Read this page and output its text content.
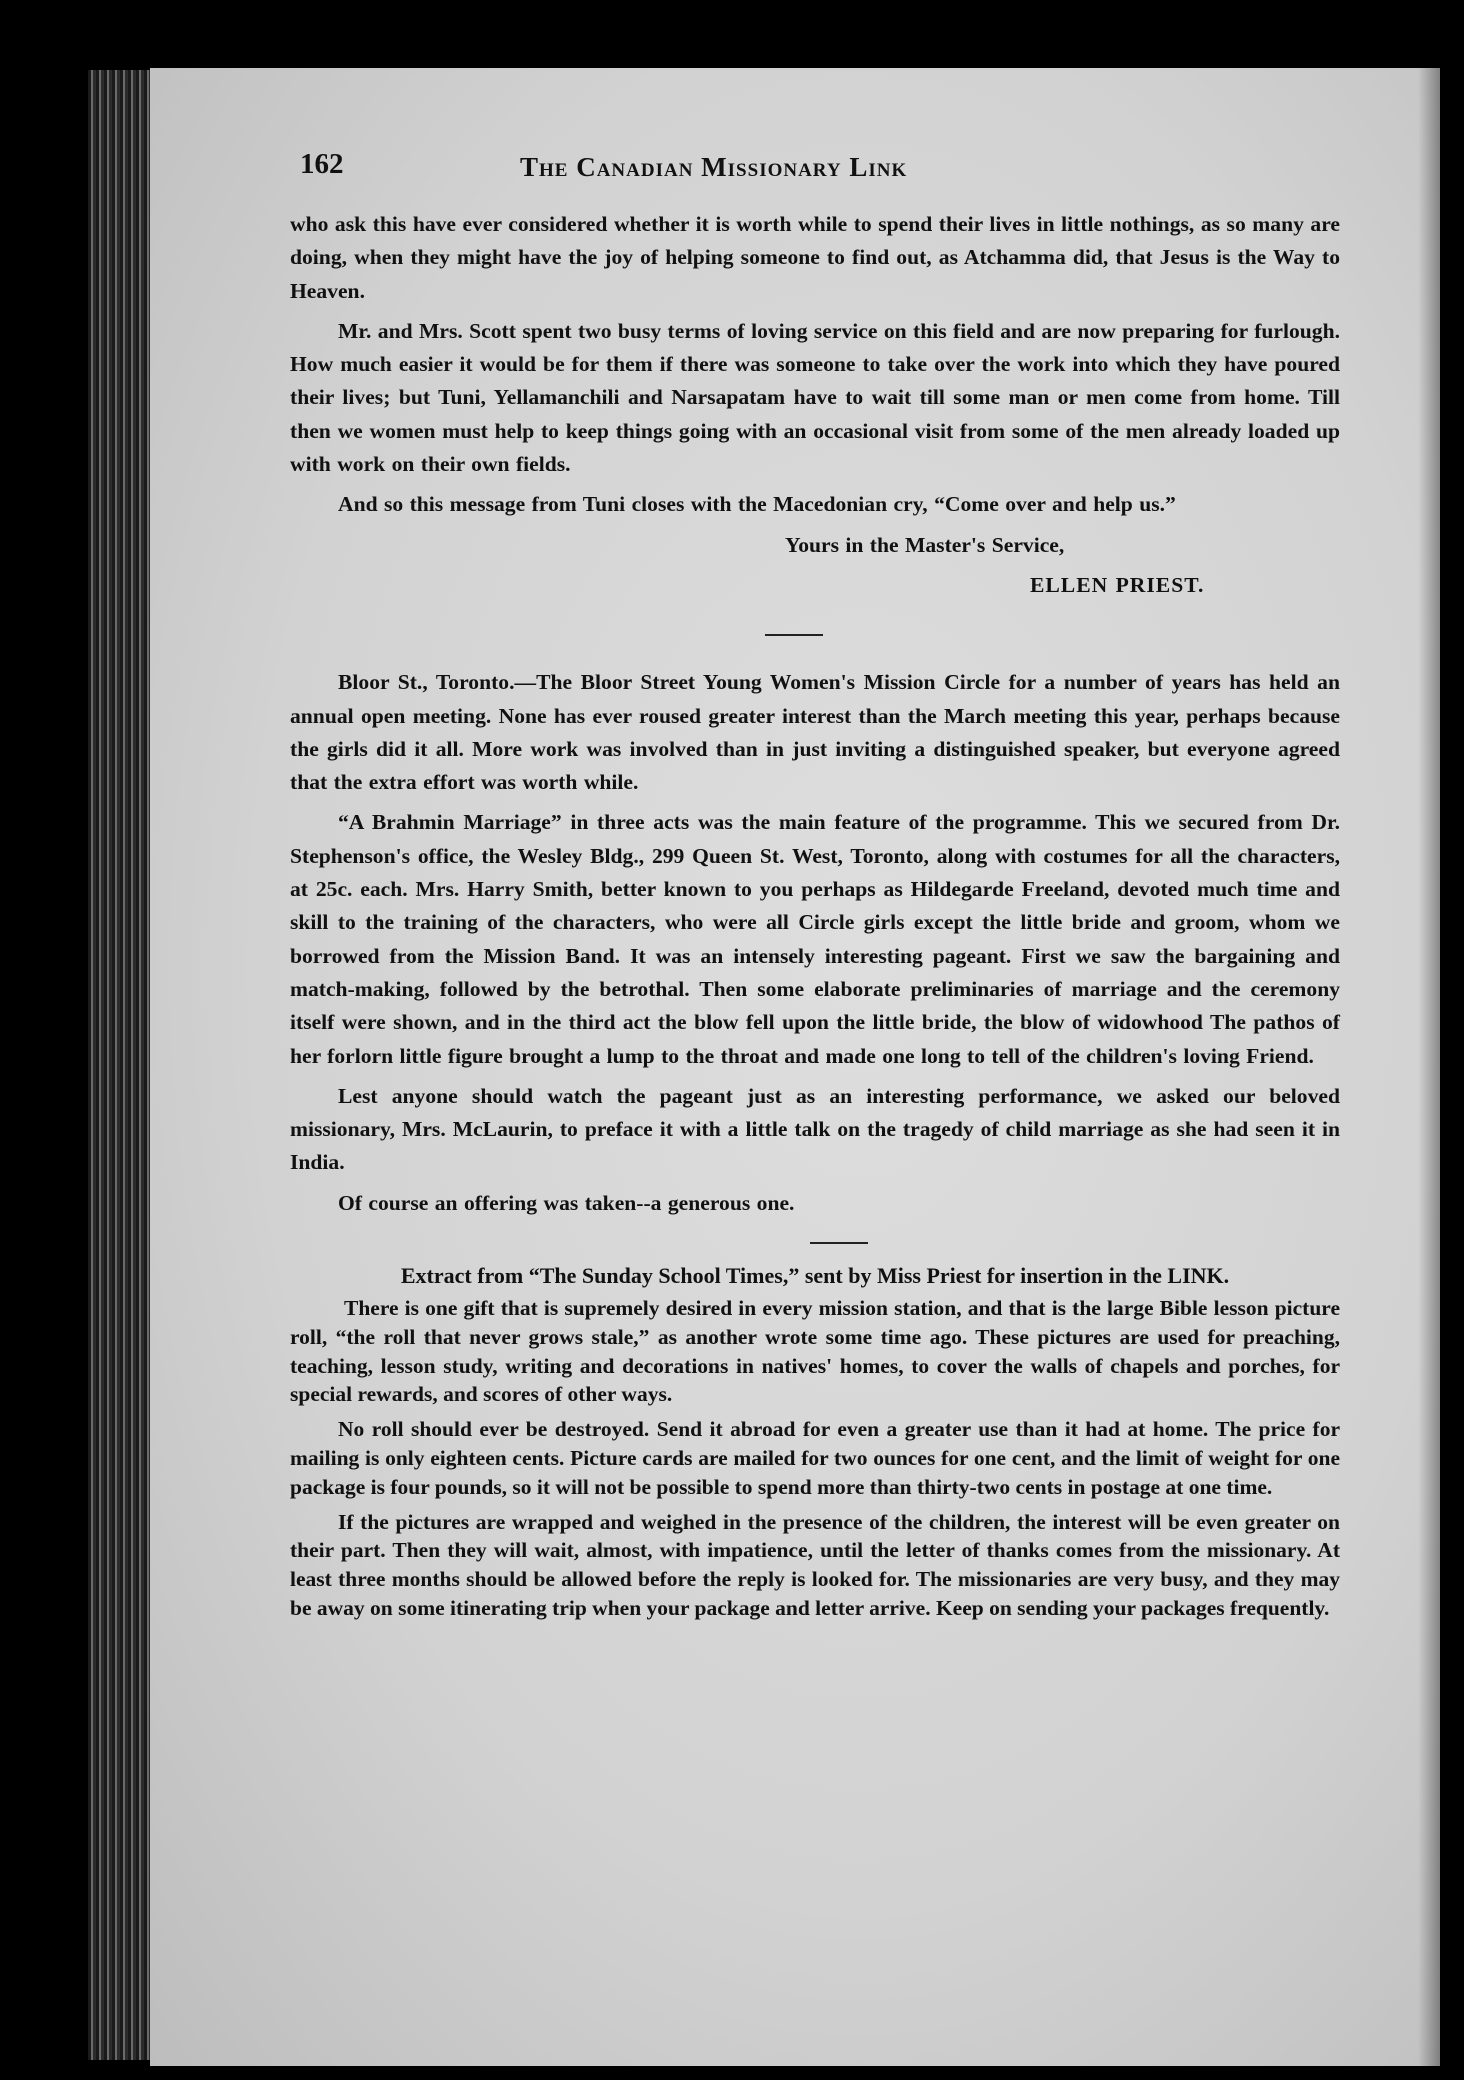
162	The Canadian Missionary Link

who ask this have ever considered whether it is worth while to spend their lives in little nothings, as so many are doing, when they might have the joy of helping someone to find out, as Atchamma did, that Jesus is the Way to Heaven.

Mr. and Mrs. Scott spent two busy terms of loving service on this field and are now preparing for furlough. How much easier it would be for them if there was someone to take over the work into which they have poured their lives; but Tuni, Yellamanchili and Narsapatam have to wait till some man or men come from home. Till then we women must help to keep things going with an occasional visit from some of the men already loaded up with work on their own fields.

And so this message from Tuni closes with the Macedonian cry, “Come over and help us.”

Yours in the Master's Service,

ELLEN PRIEST.

Bloor St., Toronto.—The Bloor Street Young Women's Mission Circle for a number of years has held an annual open meeting. None has ever roused greater interest than the March meeting this year, perhaps because the girls did it all. More work was involved than in just inviting a distinguished speaker, but everyone agreed that the extra effort was worth while.

“A Brahmin Marriage” in three acts was the main feature of the programme. This we secured from Dr. Stephenson's office, the Wesley Bldg., 299 Queen St. West, Toronto, along with costumes for all the characters, at 25c. each. Mrs. Harry Smith, better known to you perhaps as Hildegarde Freeland, devoted much time and skill to the training of the characters, who were all Circle girls except the little bride and groom, whom we borrowed from the Mission Band. It was an intensely interesting pageant. First we saw the bargaining and match-making, followed by the betrothal. Then some elaborate preliminaries of marriage and the ceremony itself were shown, and in the third act the blow fell upon the little bride, the blow of widowhood The pathos of her forlorn little figure brought a lump to the throat and made one long to tell of the children's loving Friend.

Lest anyone should watch the pageant just as an interesting performance, we asked our beloved missionary, Mrs. McLaurin, to preface it with a little talk on the tragedy of child marriage as she had seen it in India.

Of course an offering was taken--a generous one.

Extract from “The Sunday School Times,” sent by Miss Priest for insertion in the LINK.

There is one gift that is supremely desired in every mission station, and that is the large Bible lesson picture roll, “the roll that never grows stale,” as another wrote some time ago. These pictures are used for preaching, teaching, lesson study, writing and decorations in natives' homes, to cover the walls of chapels and porches, for special rewards, and scores of other ways.

No roll should ever be destroyed. Send it abroad for even a greater use than it had at home. The price for mailing is only eighteen cents. Picture cards are mailed for two ounces for one cent, and the limit of weight for one package is four pounds, so it will not be possible to spend more than thirty-two cents in postage at one time.

If the pictures are wrapped and weighed in the presence of the children, the interest will be even greater on their part. Then they will wait, almost, with impatience, until the letter of thanks comes from the missionary. At least three months should be allowed before the reply is looked for. The missionaries are very busy, and they may be away on some itinerating trip when your package and letter arrive. Keep on sending your packages frequently.
